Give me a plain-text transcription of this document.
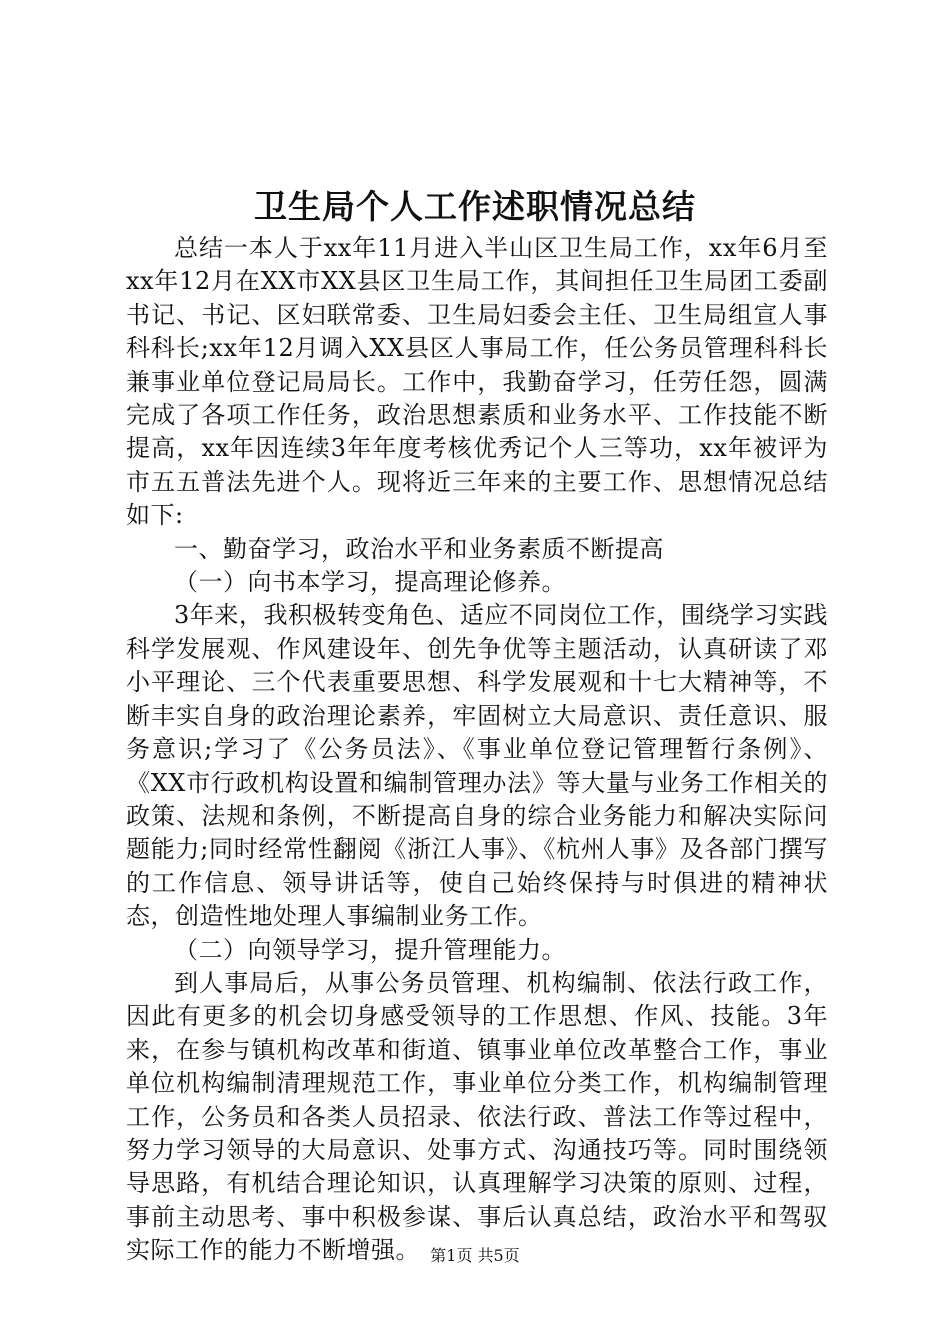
卫生局个人工作述职情况总结

总结一本人于xx年11月进入半山区卫生局工作，xx年6月至xx年12月在XX市XX县区卫生局工作，其间担任卫生局团工委副书记、书记、区妇联常委、卫生局妇委会主任、卫生局组宣人事科科长;xx年12月调入XX县区人事局工作，任公务员管理科科长兼事业单位登记局局长。工作中，我勤奋学习，任劳任怨，圆满完成了各项工作任务，政治思想素质和业务水平、工作技能不断提高，xx年因连续3年年度考核优秀记个人三等功，xx年被评为市五五普法先进个人。现将近三年来的主要工作、思想情况总结如下:

一、勤奋学习，政治水平和业务素质不断提高

（一）向书本学习，提高理论修养。

3年来，我积极转变角色、适应不同岗位工作，围绕学习实践科学发展观、作风建设年、创先争优等主题活动，认真研读了邓小平理论、三个代表重要思想、科学发展观和十七大精神等，不断丰实自身的政治理论素养，牢固树立大局意识、责任意识、服务意识;学习了《公务员法》、《事业单位登记管理暂行条例》、《XX市行政机构设置和编制管理办法》等大量与业务工作相关的政策、法规和条例，不断提高自身的综合业务能力和解决实际问题能力;同时经常性翻阅《浙江人事》、《杭州人事》及各部门撰写的工作信息、领导讲话等，使自己始终保持与时俱进的精神状态，创造性地处理人事编制业务工作。

（二）向领导学习，提升管理能力。

到人事局后，从事公务员管理、机构编制、依法行政工作，因此有更多的机会切身感受领导的工作思想、作风、技能。3年来，在参与镇机构改革和街道、镇事业单位改革整合工作，事业单位机构编制清理规范工作，事业单位分类工作，机构编制管理工作，公务员和各类人员招录、依法行政、普法工作等过程中，努力学习领导的大局意识、处事方式、沟通技巧等。同时围绕领导思路，有机结合理论知识，认真理解学习决策的原则、过程，事前主动思考、事中积极参谋、事后认真总结，政治水平和驾驭实际工作的能力不断增强。 第1页 共5页
